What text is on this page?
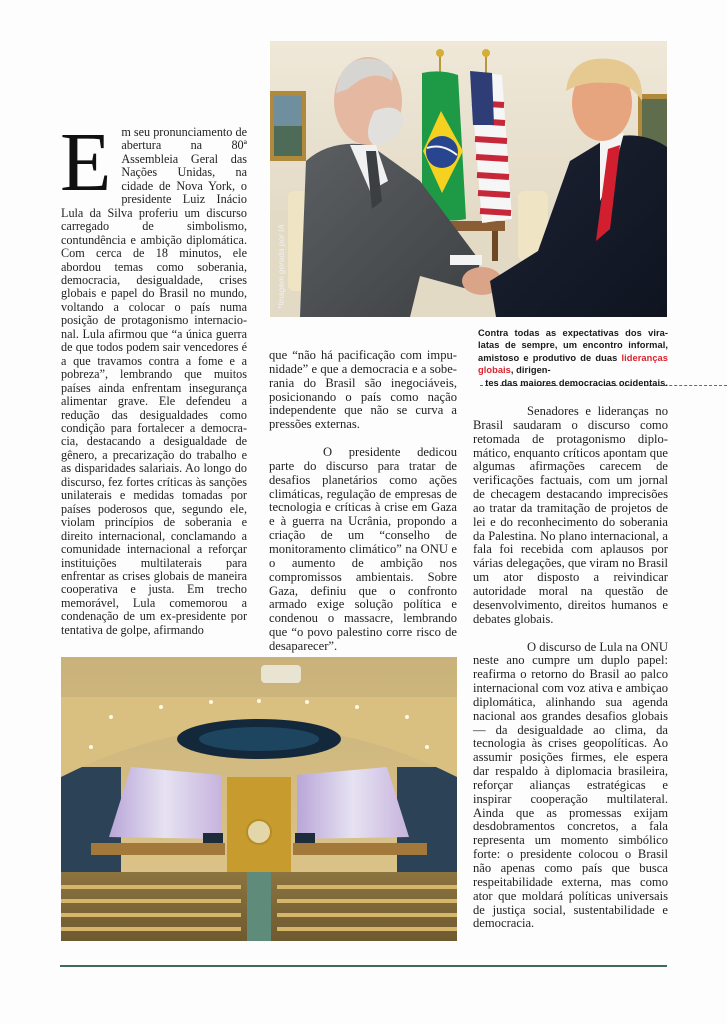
Em seu pronunciamento de abertura na 80ª Assembleia Geral das Nações Unidas, na cidade de Nova York, o presidente Luiz Inácio Lula da Silva proferiu um discurso carregado de simbolismo, contundência e ambição diplomática. Com cerca de 18 minutos, ele abordou temas como soberania, democracia, desigualdade, crises globais e papel do Brasil no mundo, voltando a colocar o país numa posição de protagonismo internacional. Lula afirmou que “a única guerra de que todos podem sair vencedores é a que travamos contra a fome e a pobreza”, lembrando que muitos países ainda enfrentam insegurança alimentar grave. Ele defendeu a redução das desigualdades como condição para fortalecer a democracia, destacando a desigualdade de gênero, a precarização do trabalho e as disparidades salariais. Ao longo do discurso, fez fortes críticas às sanções unilaterais e medidas tomadas por países poderosos que, segundo ele, violam princípios de soberania e direito internacional, conclamando a comunidade internacional a reforçar instituições multilaterais para enfrentar as crises globais de maneira cooperativa e justa. Em trecho memorável, Lula comemorou a condenação de um ex-presidente por tentativa de golpe, afirmando

*Imagem gerada por IA
Contra todas as expectativas dos vira-latas de sempre, um encontro informal, amistoso e produtivo de duas lideranças globais, dirigen-
tes das maiores democracias ocidentais.

que “não há pacificação com impunidade” e que a democracia e a soberania do Brasil são inegociáveis, posicionando o país como nação independente que não se curva a pressões externas.

O presidente dedicou parte do discurso para tratar de desafios planetários como ações climáticas, regulação de empresas de tecnologia e críticas à crise em Gaza e à guerra na Ucrânia, propondo a criação de um “conselho de monitoramento climático” na ONU e o aumento de ambição nos compromissos ambientais. Sobre Gaza, definiu que o confronto armado exige solução política e condenou o massacre, lembrando que “o povo palestino corre risco de desaparecer”.

Senadores e lideranças no Brasil saudaram o discurso como retomada de protagonismo diplomático, enquanto críticos apontam que algumas afirmações carecem de verificações factuais, com um jornal de checagem destacando imprecisões ao tratar da tramitação de projetos de lei e do reconhecimento do soberania da Palestina. No plano internacional, a fala foi recebida com aplausos por várias delegações, que viram no Brasil um ator disposto a reivindicar autoridade moral na questão de desenvolvimento, direitos humanos e debates globais.

O discurso de Lula na ONU neste ano cumpre um duplo papel: reafirma o retorno do Brasil ao palco internacional com voz ativa e ambiçao diplomática, alinhando sua agenda nacional aos grandes desafios globais — da desigualdade ao clima, da tecnologia às crises geopolíticas. Ao assumir posições firmes, ele espera dar respaldo à diplomacia brasileira, reforçar alianças estratégicas e inspirar cooperação multilateral. Ainda que as promessas exijam desdobramentos concretos, a fala representa um momento simbólico forte: o presidente colocou o Brasil não apenas como país que busca respeitabilidade externa, mas como ator que moldará políticas universais de justiça social, sustentabilidade e democracia.
